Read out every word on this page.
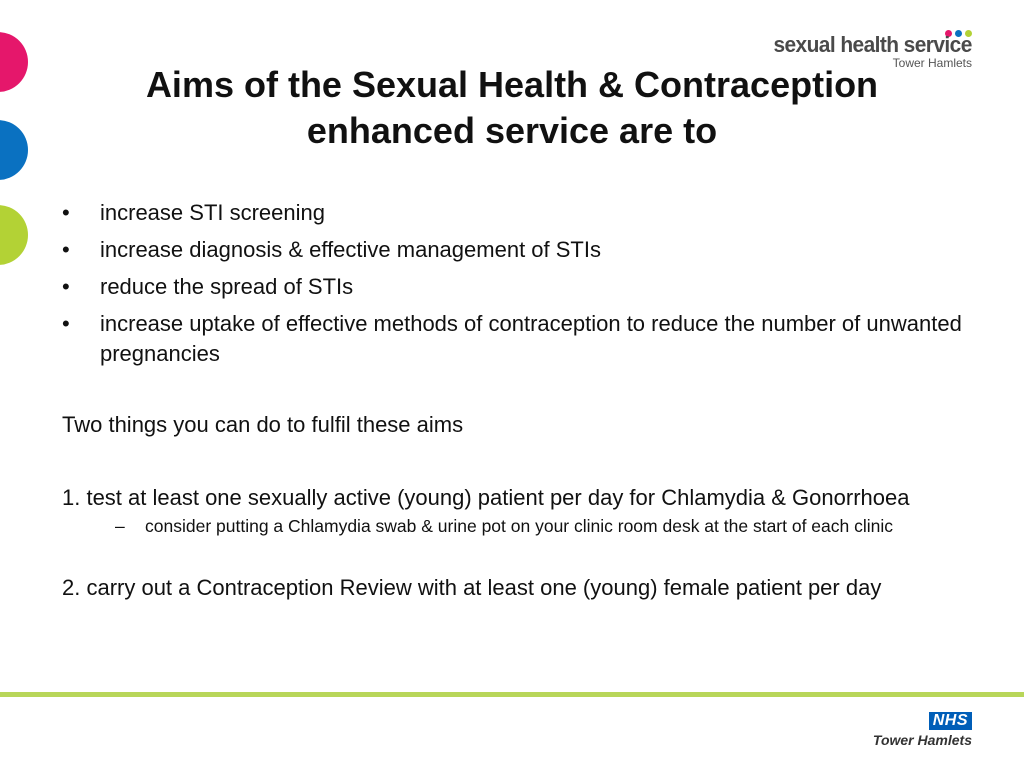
sexual health service
Tower Hamlets
Aims of the Sexual Health & Contraception
enhanced service are to
• increase STI screening
• increase diagnosis & effective management of STIs
• reduce the spread of STIs
• increase uptake of effective methods of contraception to reduce the number of unwanted pregnancies

Two things you can do to fulfil these aims

1. test at least one sexually active (young) patient per day for Chlamydia & Gonorrhoea

– consider putting a Chlamydia swab & urine pot on your clinic room desk at the start of each clinic

2. carry out a Contraception Review with at least one (young) female patient per day

NHS
Tower Hamlets
